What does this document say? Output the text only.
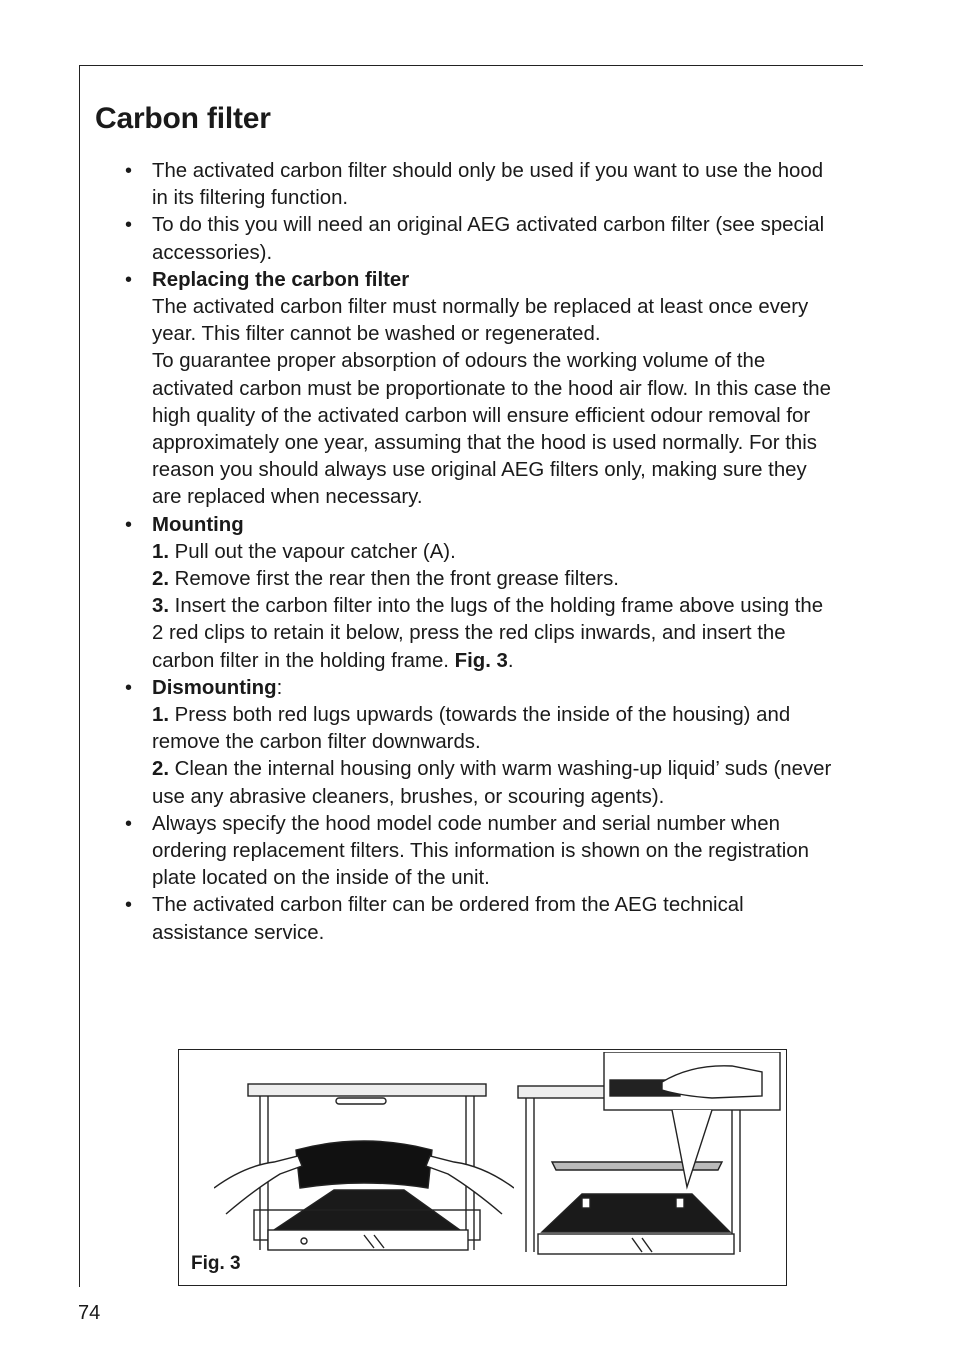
Carbon filter
• The activated carbon filter should only be used if you want to use the hood in its filtering function.
• To do this you will need an original AEG activated carbon filter (see special accessories).
• Replacing the carbon filter
The activated carbon filter must normally be replaced at least once every year. This filter cannot be washed or regenerated.
To guarantee proper absorption of odours the working volume of the activated carbon must be proportionate to the hood air flow. In this case the high quality of the activated carbon will ensure efficient odour removal for approximately one year, assuming that the hood is used normally. For this reason you should always use original AEG filters only, making sure they are replaced when necessary.
• Mounting
1. Pull out the vapour catcher (A).
2. Remove first the rear then the front grease filters.
3. Insert the carbon filter into the lugs of the holding frame above using the 2 red clips to retain it below, press the red clips inwards, and insert the carbon filter in the holding frame. Fig. 3.
• Dismounting:
1. Press both red lugs upwards (towards the inside of the housing) and remove the carbon filter downwards.
2. Clean the internal housing only with warm washing-up liquid’ suds (never use any abrasive cleaners, brushes, or scouring agents).
• Always specify the hood model code number and serial number when ordering replacement filters. This information is shown on the registration plate located on the inside of the unit.
• The activated carbon filter can be ordered from the AEG technical assistance service.
Fig. 3
74
